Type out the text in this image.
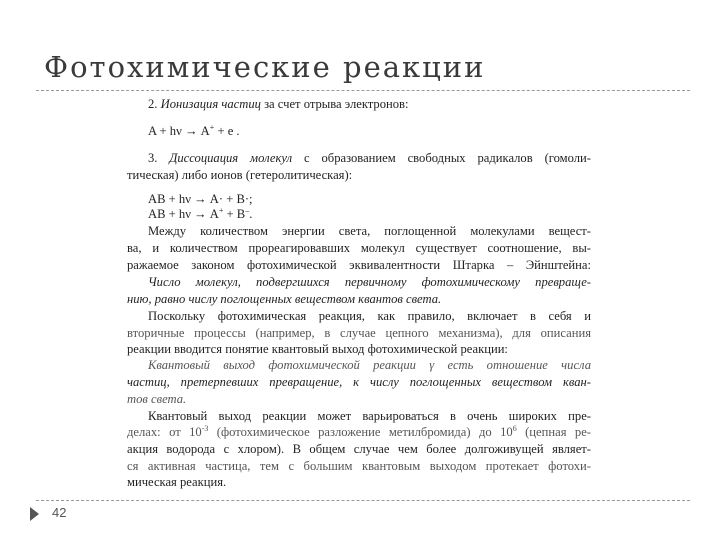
Фотохимические реакции
2. Ионизация частиц за счет отрыва электронов:
A + hν → A+ + e .
3. Диссоциация молекул с образованием свободных радикалов (гомоли-
тическая) либо ионов (гетеролитическая):
AB + hν → A· + B·;
AB + hν → A+ + B–.
Между количеством энергии света, поглощенной молекулами вещест-
ва, и количеством прореагировавших молекул существует соотношение, вы-
ражаемое законом фотохимической эквивалентности Штарка – Эйнштейна:
Число молекул, подвергшихся первичному фотохимическому превраще-
нию, равно числу поглощенных веществом квантов света.
Поскольку фотохимическая реакция, как правило, включает в себя и
вторичные процессы (например, в случае цепного механизма), для описания
реакции вводится понятие квантовый выход фотохимической реакции:
Квантовый выход фотохимической реакции γ есть отношение числа
частиц, претерпевших превращение, к числу поглощенных веществом кван-
тов света.
Квантовый выход реакции может варьироваться в очень широких пре-
делах: от $10^{-3}$ (фотохимическое разложение метилбромида) до $10^6$ (цепная ре-
акция водорода с хлором). В общем случае чем более долгоживущей являет-
ся активная частица, тем с большим квантовым выходом протекает фотохи-
мическая реакция.
42
